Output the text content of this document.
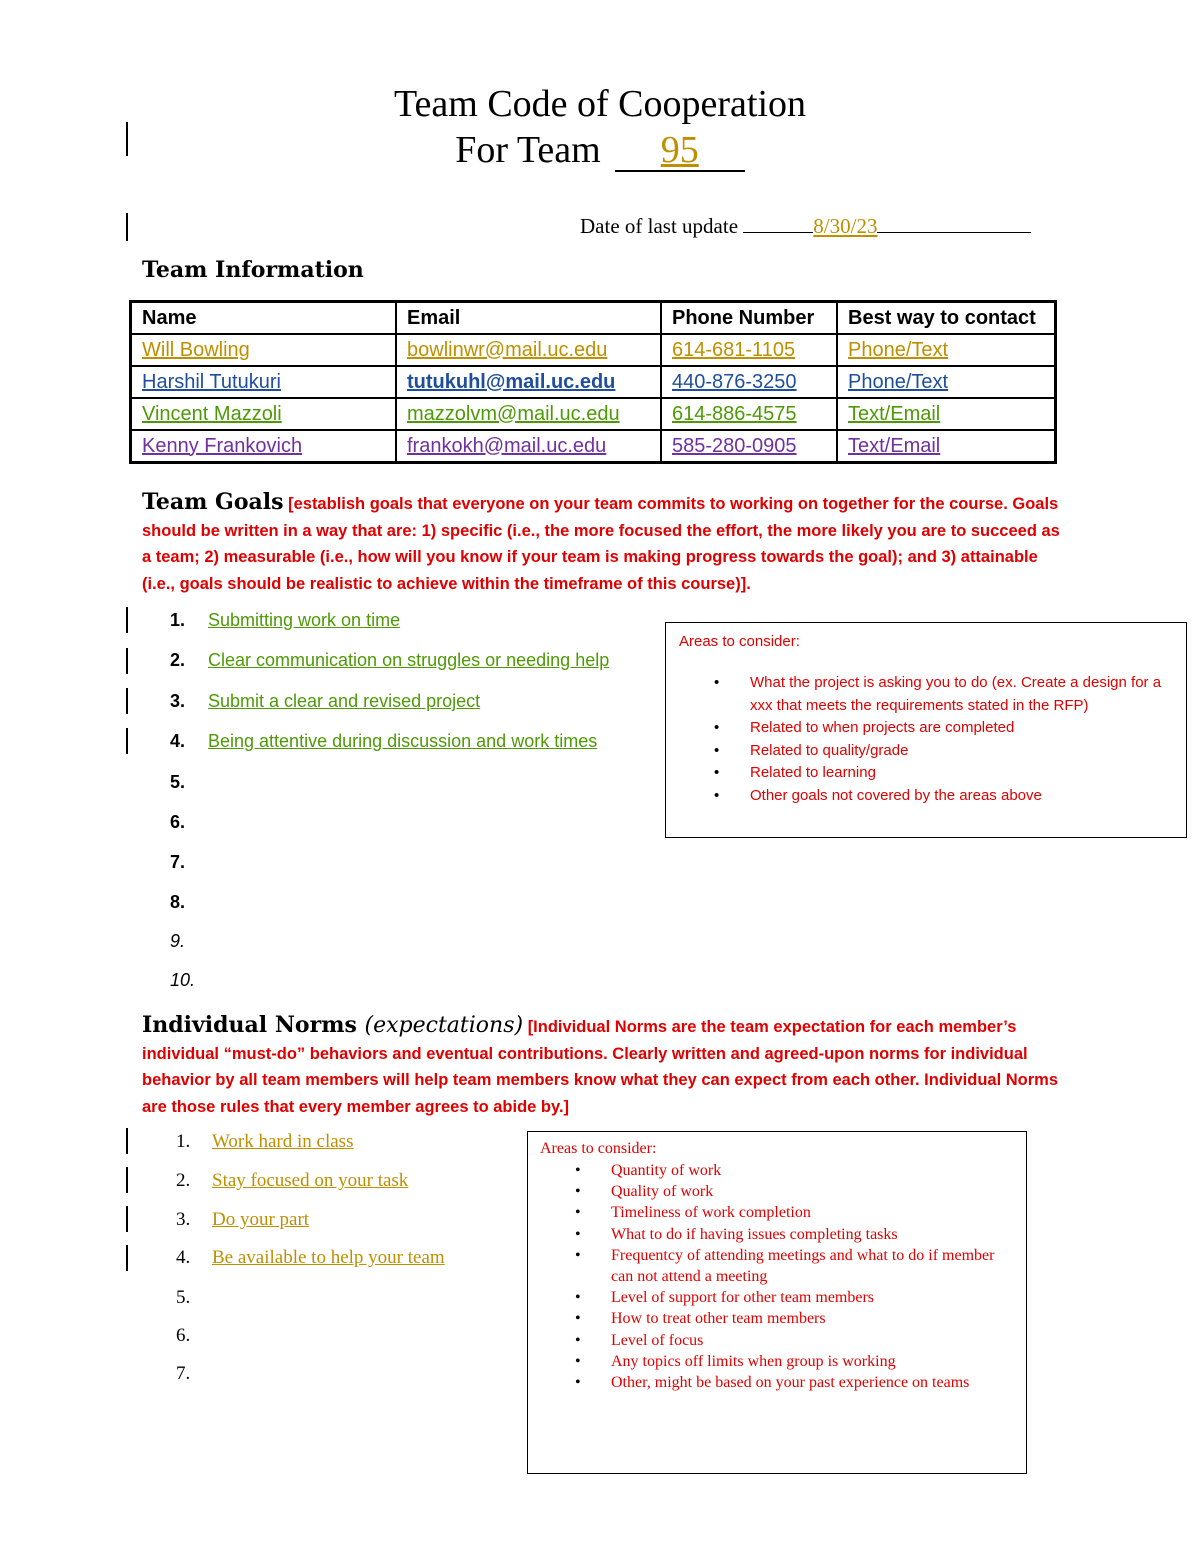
Team Code of Cooperation
For Team 95
Date of last update	8/30/23
Team Information
Name	Email	Phone Number	Best way to contact
Will Bowling	bowlinwr@mail.uc.edu	614-681-1105	Phone/Text
Harshil Tutukuri	tutukuhl@mail.uc.edu	440-876-3250	Phone/Text
Vincent Mazzoli	mazzolvm@mail.uc.edu	614-886-4575	Text/Email
Kenny Frankovich	frankokh@mail.uc.edu	585-280-0905	Text/Email
Team Goals [establish goals that everyone on your team commits to working on together for the course. Goals should be written in a way that are: 1) specific (i.e., the more focused the effort, the more likely you are to succeed as a team; 2) measurable (i.e., how will you know if your team is making progress towards the goal); and 3) attainable (i.e., goals should be realistic to achieve within the timeframe of this course)].
1. Submitting work on time
2. Clear communication on struggles or needing help
3. Submit a clear and revised project
4. Being attentive during discussion and work times
5.
6.
7.
8.
9.
10.
Areas to consider:
• What the project is asking you to do (ex. Create a design for a xxx that meets the requirements stated in the RFP)
• Related to when projects are completed
• Related to quality/grade
• Related to learning
• Other goals not covered by the areas above
Individual Norms (expectations) [Individual Norms are the team expectation for each member’s individual “must-do” behaviors and eventual contributions. Clearly written and agreed-upon norms for individual behavior by all team members will help team members know what they can expect from each other. Individual Norms are those rules that every member agrees to abide by.]
1. Work hard in class
2. Stay focused on your task
3. Do your part
4. Be available to help your team
5.
6.
7.
Areas to consider:
• Quantity of work
• Quality of work
• Timeliness of work completion
• What to do if having issues completing tasks
• Frequentcy of attending meetings and what to do if member can not attend a meeting
• Level of support for other team members
• How to treat other team members
• Level of focus
• Any topics off limits when group is working
• Other, might be based on your past experience on teams
